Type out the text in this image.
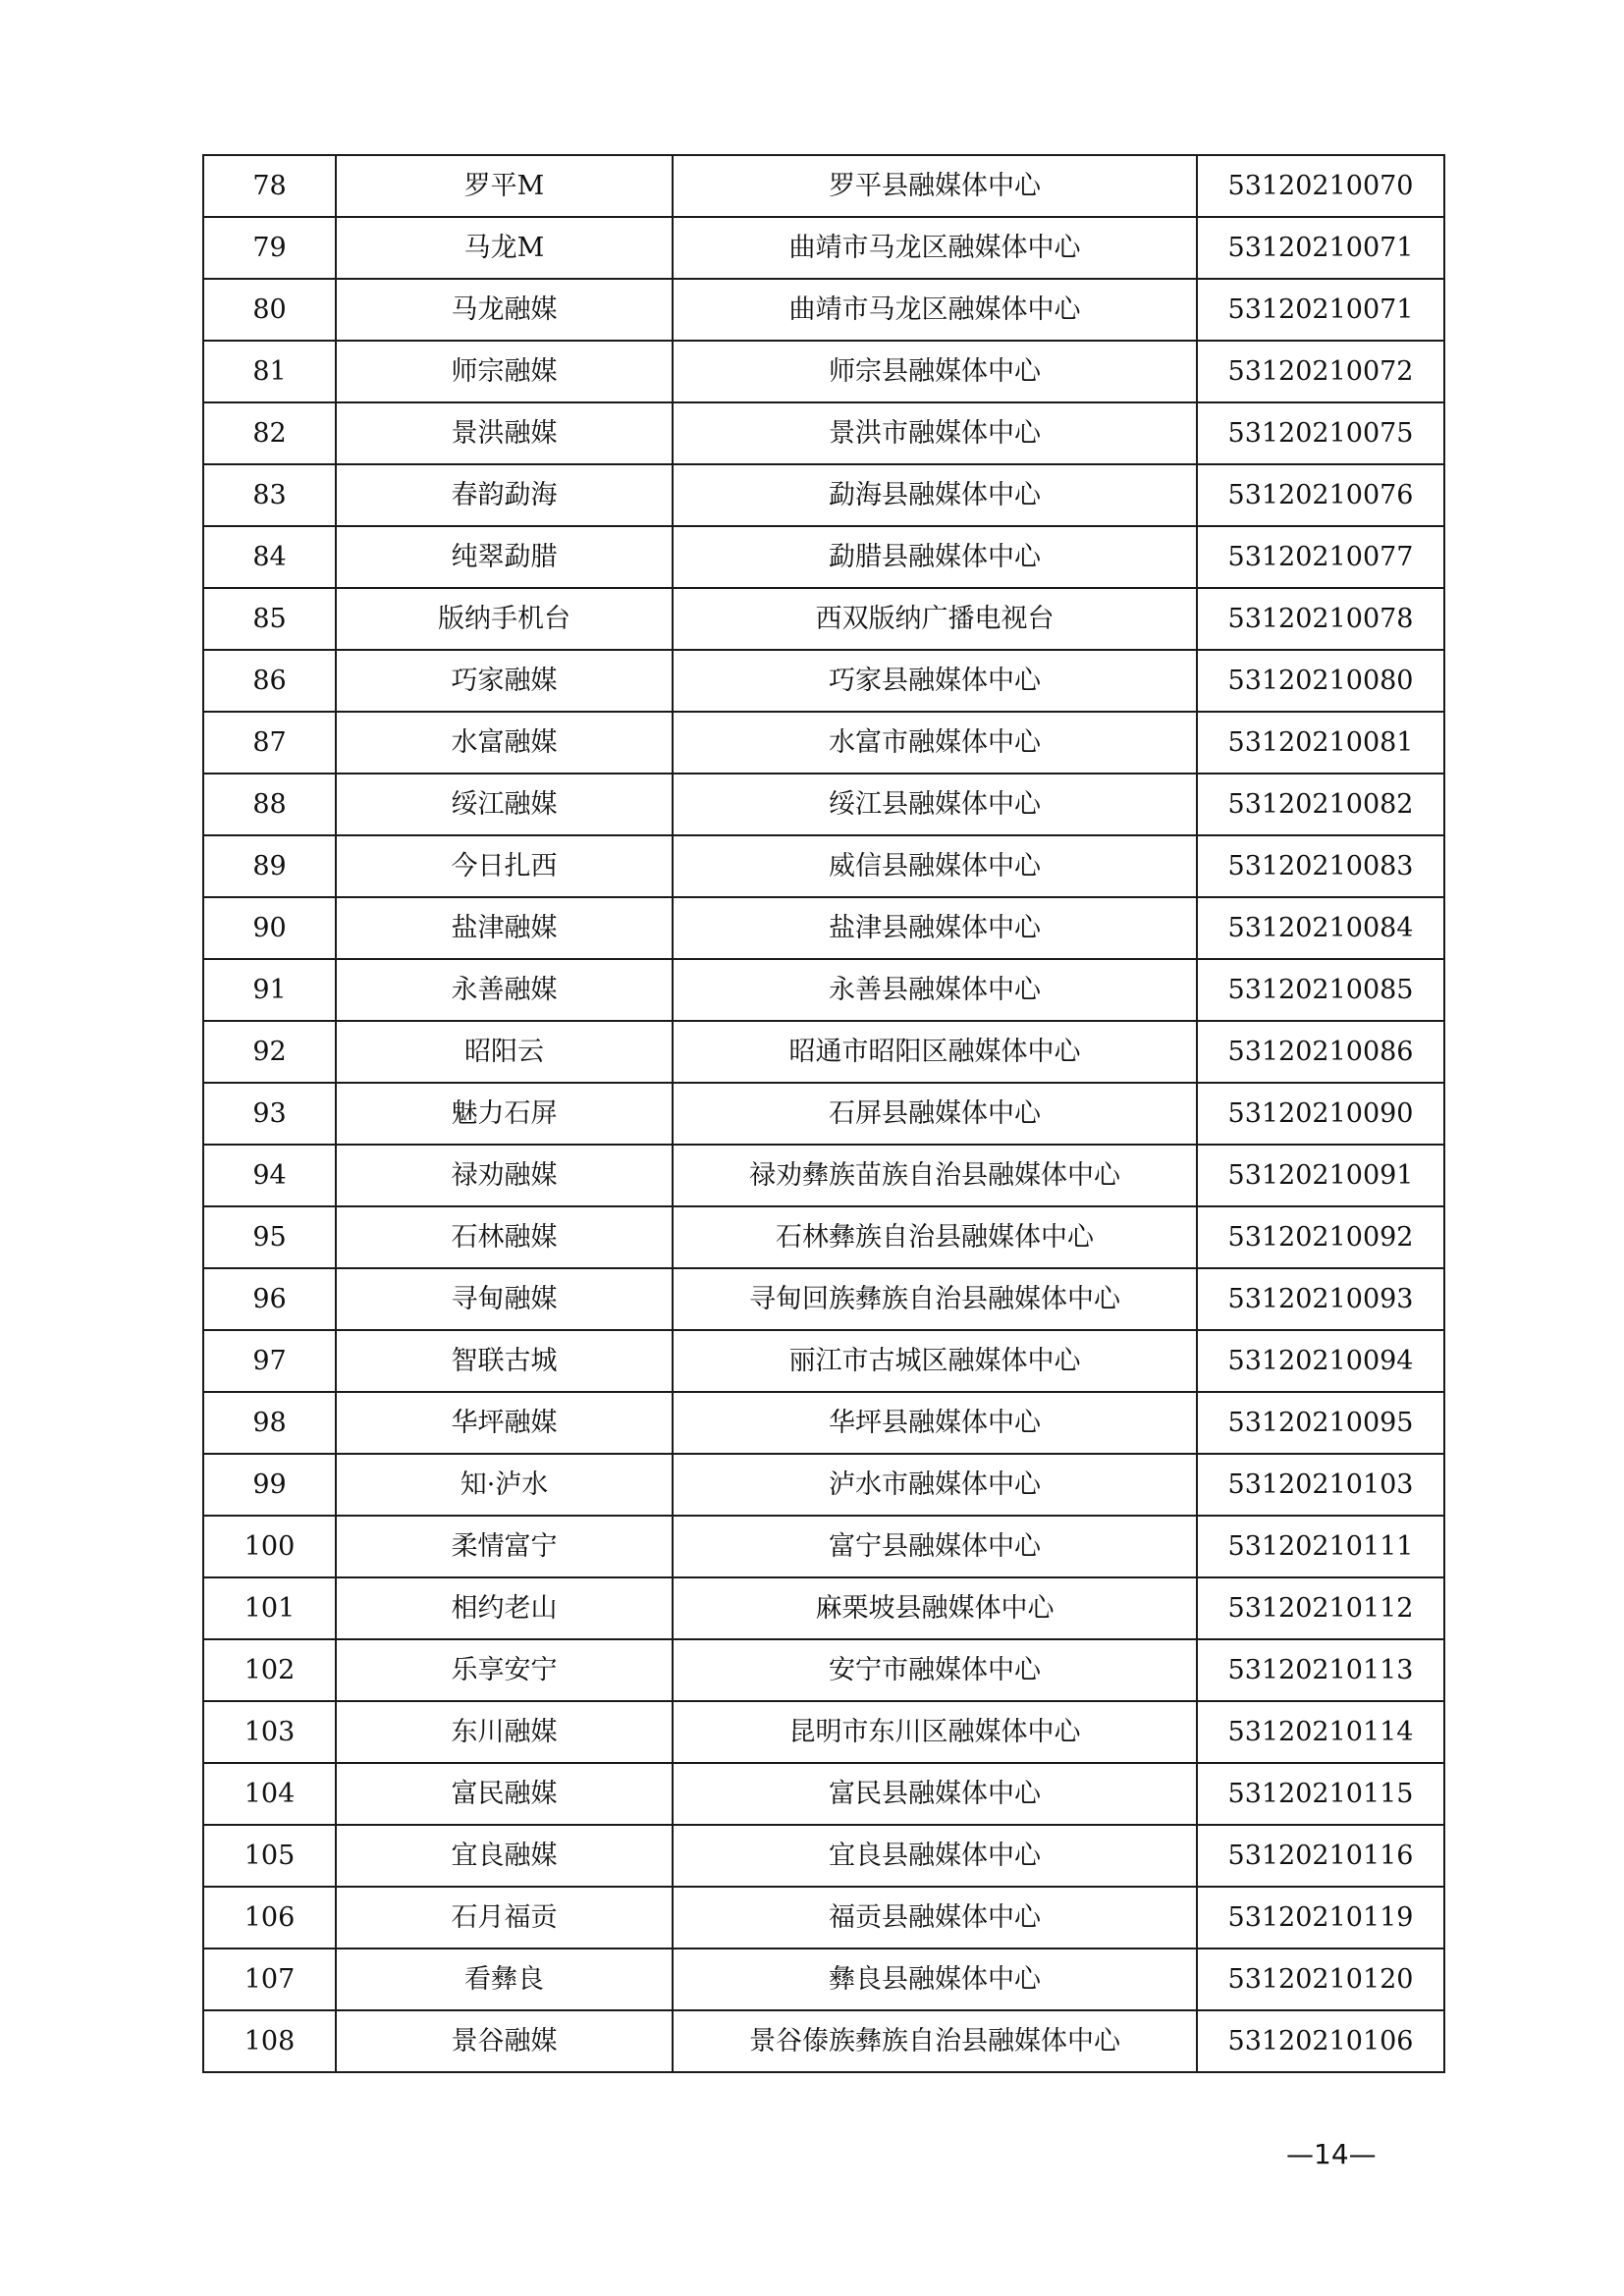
78	罗平M	罗平县融媒体中心	53120210070
79	马龙M	曲靖市马龙区融媒体中心	53120210071
80	马龙融媒	曲靖市马龙区融媒体中心	53120210071
81	师宗融媒	师宗县融媒体中心	53120210072
82	景洪融媒	景洪市融媒体中心	53120210075
83	春韵勐海	勐海县融媒体中心	53120210076
84	纯翠勐腊	勐腊县融媒体中心	53120210077
85	版纳手机台	西双版纳广播电视台	53120210078
86	巧家融媒	巧家县融媒体中心	53120210080
87	水富融媒	水富市融媒体中心	53120210081
88	绥江融媒	绥江县融媒体中心	53120210082
89	今日扎西	威信县融媒体中心	53120210083
90	盐津融媒	盐津县融媒体中心	53120210084
91	永善融媒	永善县融媒体中心	53120210085
92	昭阳云	昭通市昭阳区融媒体中心	53120210086
93	魅力石屏	石屏县融媒体中心	53120210090
94	禄劝融媒	禄劝彝族苗族自治县融媒体中心	53120210091
95	石林融媒	石林彝族自治县融媒体中心	53120210092
96	寻甸融媒	寻甸回族彝族自治县融媒体中心	53120210093
97	智联古城	丽江市古城区融媒体中心	53120210094
98	华坪融媒	华坪县融媒体中心	53120210095
99	知·泸水	泸水市融媒体中心	53120210103
100	柔情富宁	富宁县融媒体中心	53120210111
101	相约老山	麻栗坡县融媒体中心	53120210112
102	乐享安宁	安宁市融媒体中心	53120210113
103	东川融媒	昆明市东川区融媒体中心	53120210114
104	富民融媒	富民县融媒体中心	53120210115
105	宜良融媒	宜良县融媒体中心	53120210116
106	石月福贡	福贡县融媒体中心	53120210119
107	看彝良	彝良县融媒体中心	53120210120
108	景谷融媒	景谷傣族彝族自治县融媒体中心	53120210106
—14—
